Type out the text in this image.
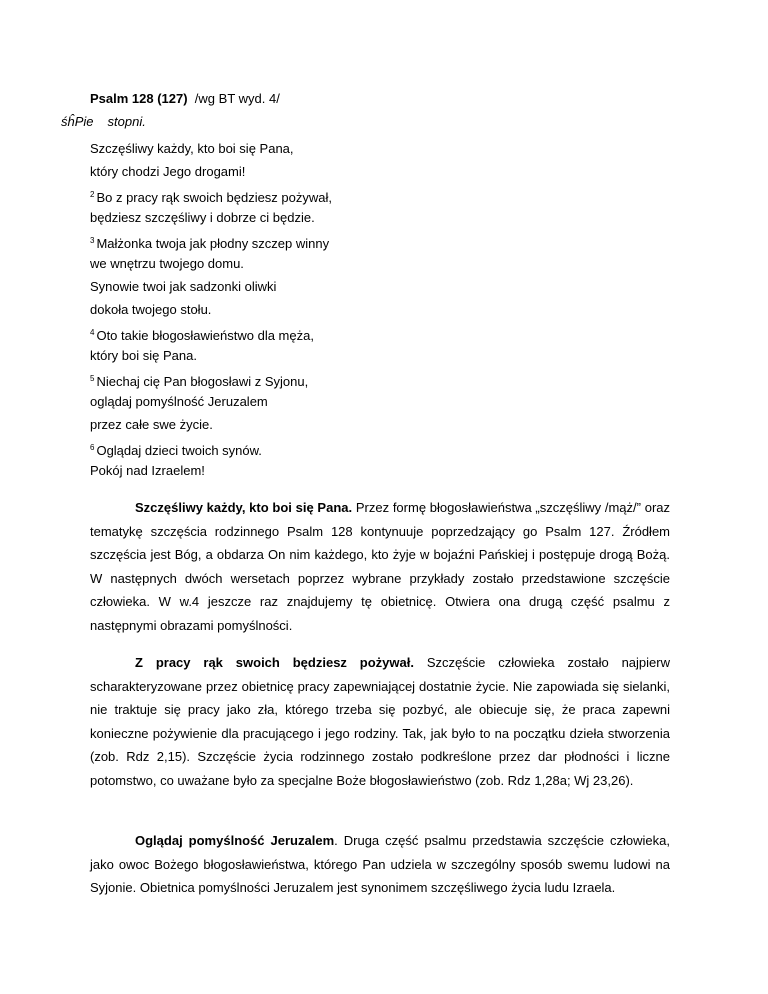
Psalm 128 (127)  /wg BT wyd. 4/
śĥPie stopni.
Szczęśliwy każdy, kto boi się Pana,
który chodzi Jego drogami!
$^2$ Bo z pracy rąk swoich będziesz pożywał,
będziesz szczęśliwy i dobrze ci będzie.
$^3$ Małżonka twoja jak płodny szczep winny
we wnętrzu twojego domu.
Synowie twoi jak sadzonki oliwki
dokoła twojego stołu.
$^4$ Oto takie błogosławieństwo dla męża,
który boi się Pana.
$^5$ Niechaj cię Pan błogosławi z Syjonu,
oglądaj pomyślność Jeruzalem
przez całe swe życie.
$^6$ Oglądaj dzieci twoich synów.
Pokój nad Izraelem!
Szczęśliwy każdy, kto boi się Pana. Przez formę błogosławieństwa „szczęśliwy /mąż/” oraz tematykę szczęścia rodzinnego Psalm 128 kontynuuje poprzedzający go Psalm 127. Źródłem szczęścia jest Bóg, a obdarza On nim każdego, kto żyje w bojaźni Pańskiej i postępuje drogą Bożą. W następnych dwóch wersetach poprzez wybrane przykłady zostało przedstawione szczęście człowieka. W w.4 jeszcze raz znajdujemy tę obietnicę. Otwiera ona drugą część psalmu z następnymi obrazami pomyślności.
Z pracy rąk swoich będziesz pożywał. Szczęście człowieka zostało najpierw scharakteryzowane przez obietnicę pracy zapewniającej dostatnie życie. Nie zapowiada się sielanki, nie traktuje się pracy jako zła, którego trzeba się pozbyć, ale obiecuje się, że praca zapewni konieczne pożywienie dla pracującego i jego rodziny. Tak, jak było to na początku dzieła stworzenia (zob. Rdz 2,15). Szczęście życia rodzinnego zostało podkreślone przez dar płodności i liczne potomstwo, co uważane było za specjalne Boże błogosławieństwo (zob. Rdz 1,28a; Wj 23,26).
Oglądaj pomyślność Jeruzalem. Druga część psalmu przedstawia szczęście człowieka, jako owoc Bożego błogosławieństwa, którego Pan udziela w szczególny sposób swemu ludowi na Syjonie. Obietnica pomyślności Jeruzalem jest synonimem szczęśliwego życia ludu Izraela.
